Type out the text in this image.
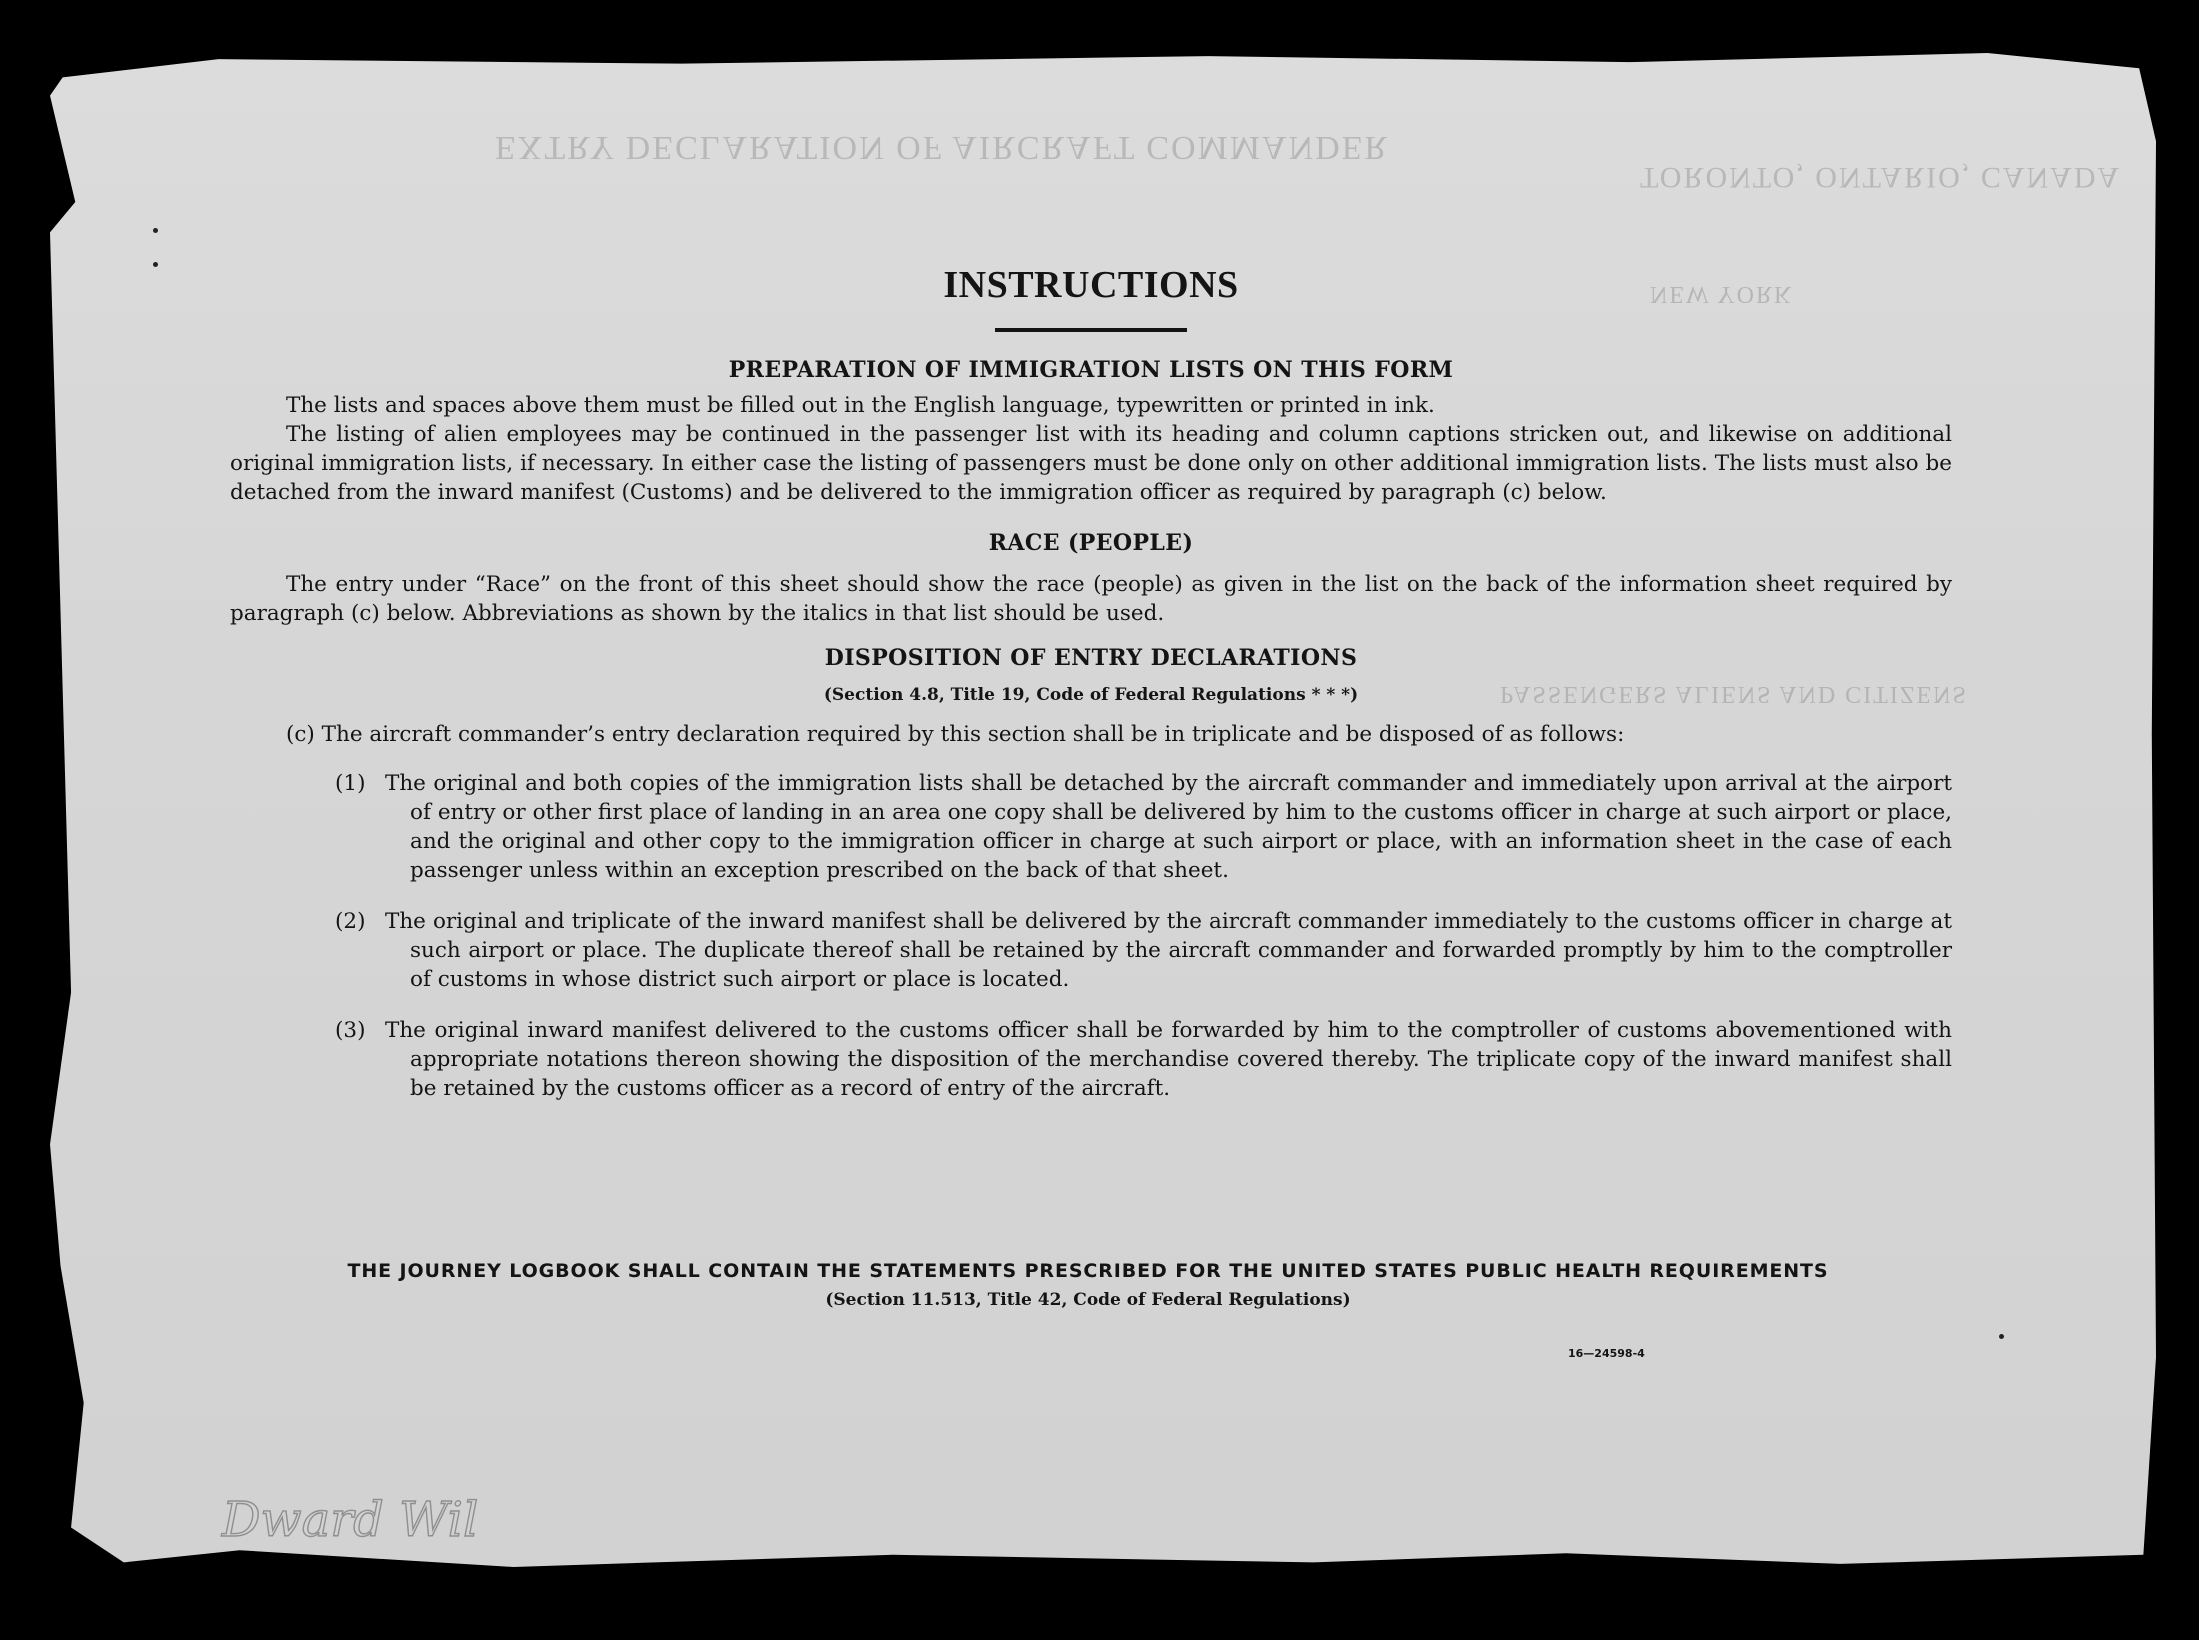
EXTRY DECLARATION OF AIRCRAFT COMMANDER
TORONTO, ONTARIO, CANADA
NEW YORK
PASSENGERS ALIENS AND CITIZENS
INSTRUCTIONS
PREPARATION OF IMMIGRATION LISTS ON THIS FORM

The lists and spaces above them must be filled out in the English language, typewritten or printed in ink.

The listing of alien employees may be continued in the passenger list with its heading and column captions stricken out, and likewise on additional original immigration lists, if necessary. In either case the listing of passengers must be done only on other additional immigration lists. The lists must also be detached from the inward manifest (Customs) and be delivered to the immigration officer as required by paragraph (c) below.

RACE (PEOPLE)

The entry under “Race” on the front of this sheet should show the race (people) as given in the list on the back of the information sheet required by paragraph (c) below. Abbreviations as shown by the italics in that list should be used.

DISPOSITION OF ENTRY DECLARATIONS
(Section 4.8, Title 19, Code of Federal Regulations * * *)

(c) The aircraft commander’s entry declaration required by this section shall be in triplicate and be disposed of as follows:

(1) The original and both copies of the immigration lists shall be detached by the aircraft commander and immediately upon arrival at the airport of entry or other first place of landing in an area one copy shall be delivered by him to the customs officer in charge at such airport or place, and the original and other copy to the immigration officer in charge at such airport or place, with an information sheet in the case of each passenger unless within an exception prescribed on the back of that sheet.
(2) The original and triplicate of the inward manifest shall be delivered by the aircraft commander immediately to the customs officer in charge at such airport or place. The duplicate thereof shall be retained by the aircraft commander and forwarded promptly by him to the comptroller of customs in whose district such airport or place is located.
(3) The original inward manifest delivered to the customs officer shall be forwarded by him to the comptroller of customs abovementioned with appropriate notations thereon showing the disposition of the merchandise covered thereby. The triplicate copy of the inward manifest shall be retained by the customs officer as a record of entry of the aircraft.
THE JOURNEY LOGBOOK SHALL CONTAIN THE STATEMENTS PRESCRIBED FOR THE UNITED STATES PUBLIC HEALTH REQUIREMENTS
(Section 11.513, Title 42, Code of Federal Regulations)
16—24598-4
Dward Wil
